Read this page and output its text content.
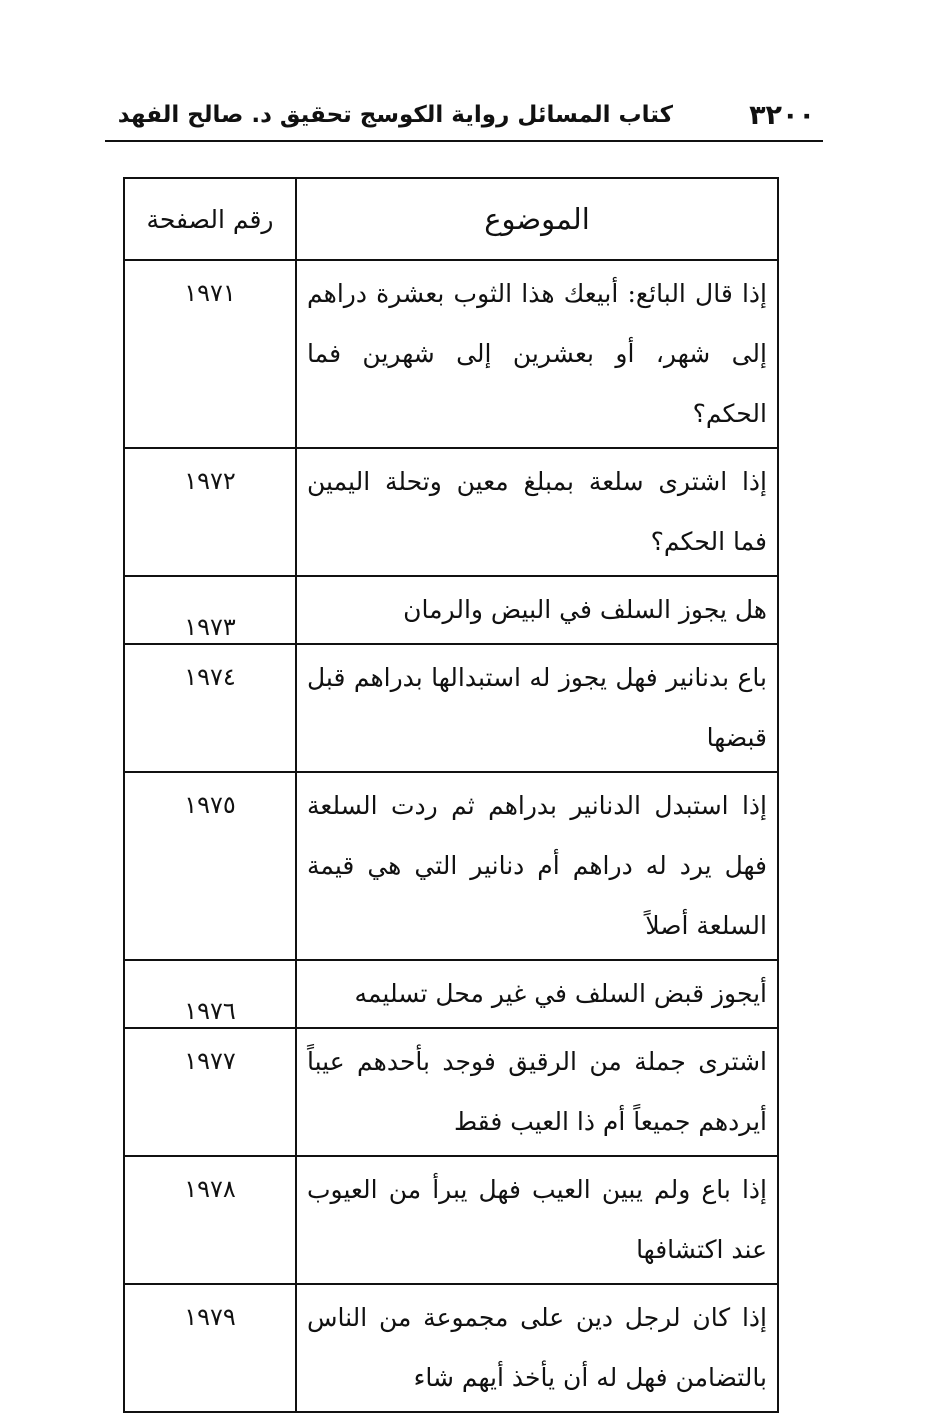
٣٢٠٠
كتاب المسائل رواية الكوسج تحقيق د. صالح الفهد
الموضوع	رقم الصفحة
إذا قال البائع: أبيعك هذا الثوب بعشرة دراهم إلى شهر، أو بعشرين إلى شهرين فما الحكم؟	١٩٧١
إذا اشترى سلعة بمبلغ معين وتحلة اليمين فما الحكم؟	١٩٧٢
هل يجوز السلف في البيض والرمان	١٩٧٣
باع بدنانير فهل يجوز له استبدالها بدراهم قبل قبضها	١٩٧٤
إذا استبدل الدنانير بدراهم ثم ردت السلعة فهل يرد له دراهم أم دنانير التي هي قيمة السلعة أصلاً	١٩٧٥
أيجوز قبض السلف في غير محل تسليمه	١٩٧٦
اشترى جملة من الرقيق فوجد بأحدهم عيباً أيردهم جميعاً أم ذا العيب فقط	١٩٧٧
إذا باع ولم يبين العيب فهل يبرأ من العيوب عند اكتشافها	١٩٧٨
إذا كان لرجل دين على مجموعة من الناس بالتضامن فهل له أن يأخذ أيهم شاء	١٩٧٩
